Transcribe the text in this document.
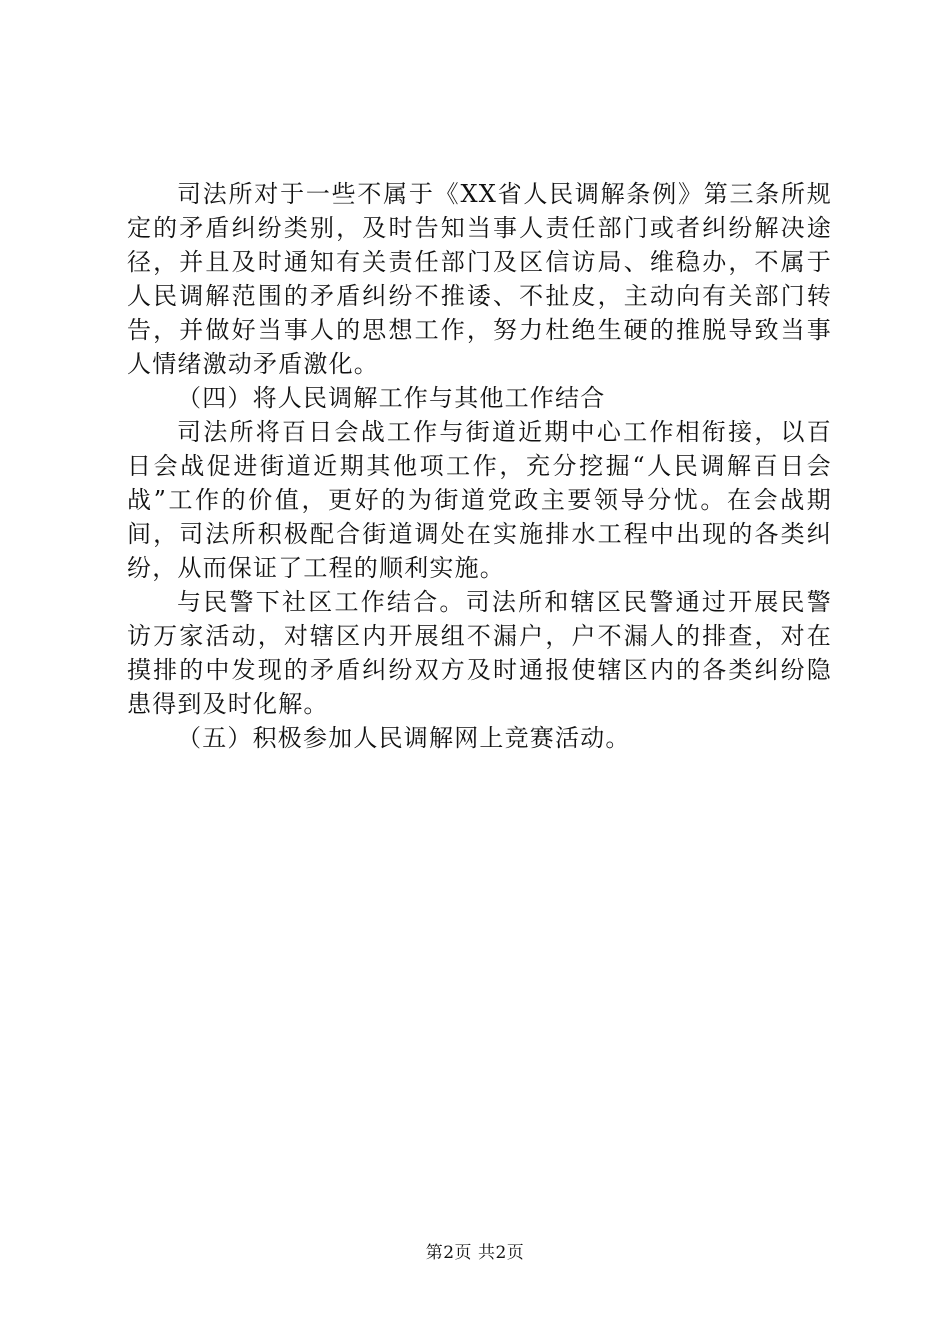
司法所对于一些不属于《XX省人民调解条例》第三条所规定的矛盾纠纷类别，及时告知当事人责任部门或者纠纷解决途径，并且及时通知有关责任部门及区信访局、维稳办，不属于人民调解范围的矛盾纠纷不推诿、不扯皮，主动向有关部门转告，并做好当事人的思想工作，努力杜绝生硬的推脱导致当事人情绪激动矛盾激化。

（四）将人民调解工作与其他工作结合

司法所将百日会战工作与街道近期中心工作相衔接，以百日会战促进街道近期其他项工作，充分挖掘“人民调解百日会战”工作的价值，更好的为街道党政主要领导分忧。在会战期间，司法所积极配合街道调处在实施排水工程中出现的各类纠纷，从而保证了工程的顺利实施。

与民警下社区工作结合。司法所和辖区民警通过开展民警访万家活动，对辖区内开展组不漏户，户不漏人的排查，对在摸排的中发现的矛盾纠纷双方及时通报使辖区内的各类纠纷隐患得到及时化解。

（五）积极参加人民调解网上竞赛活动。

第2页 共2页
